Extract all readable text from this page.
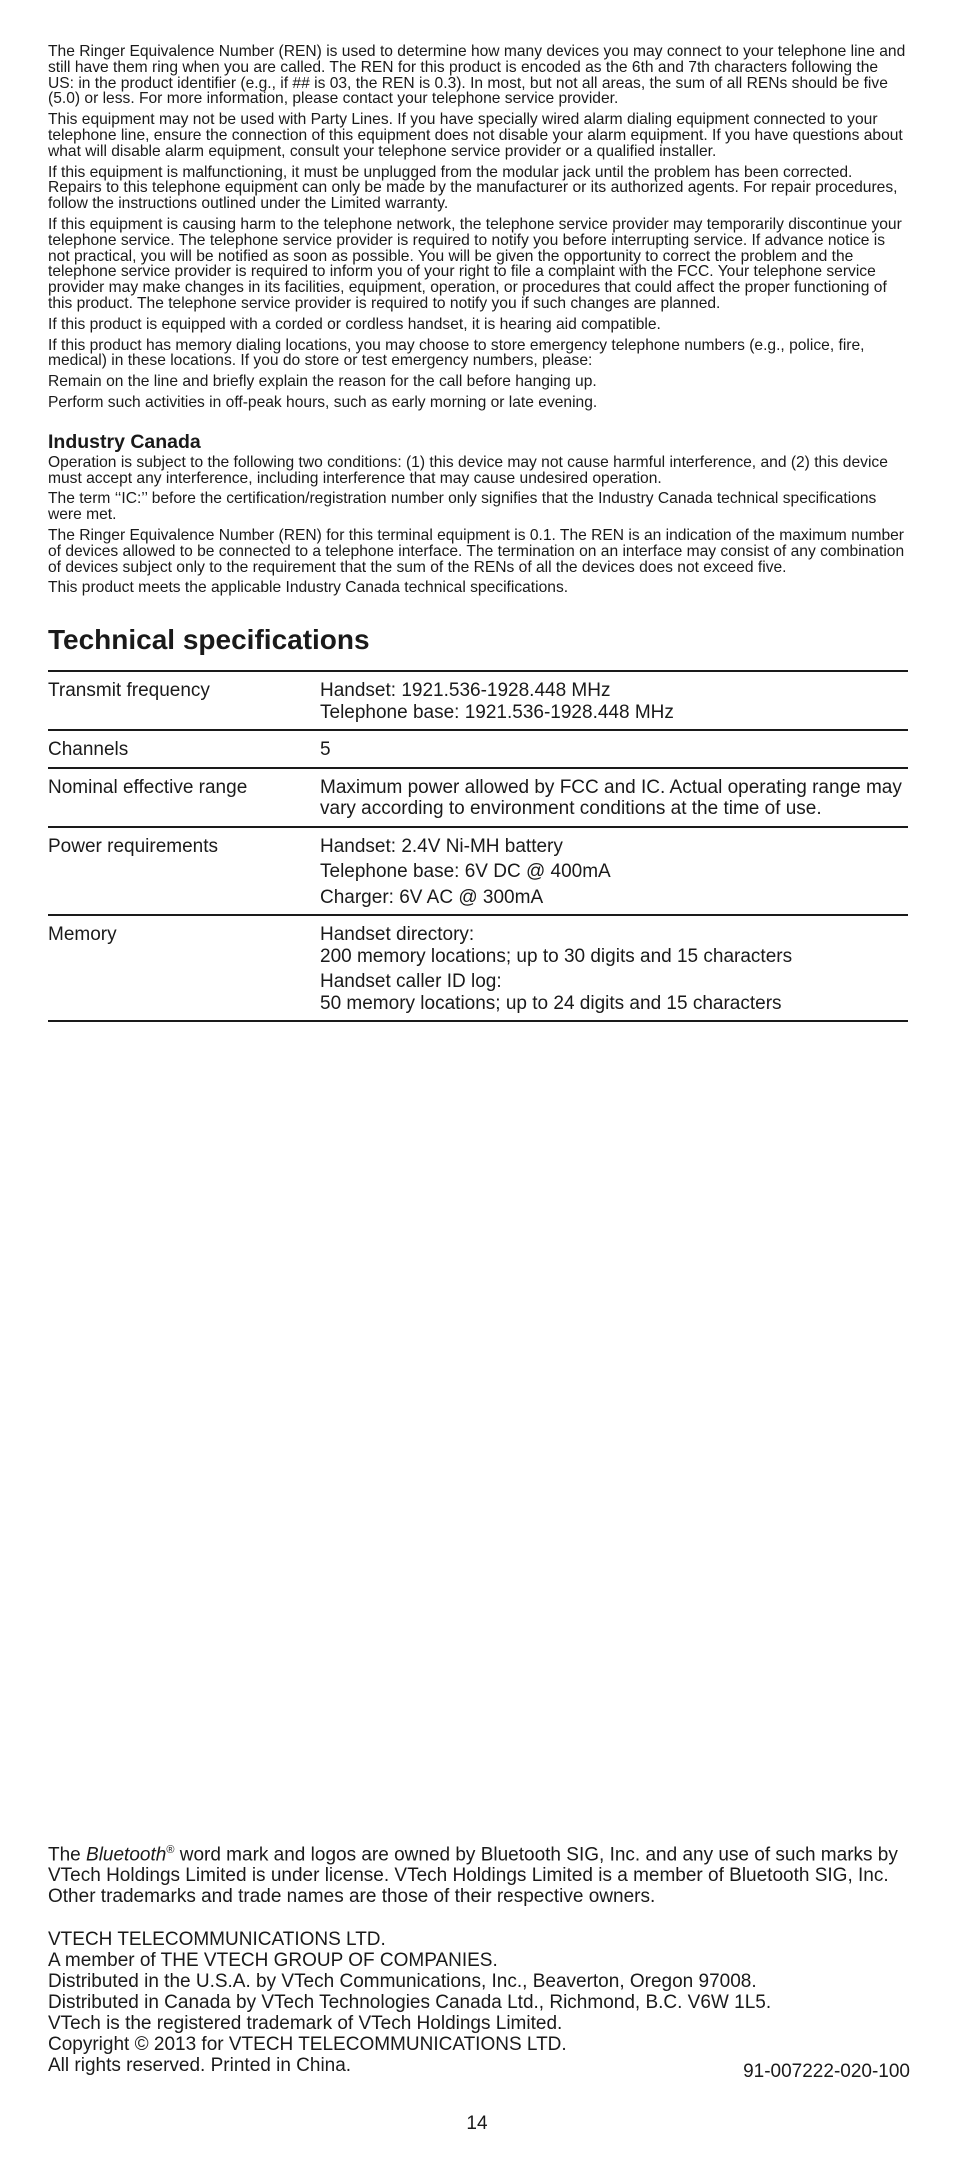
The Ringer Equivalence Number (REN) is used to determine how many devices you may connect to your telephone line and still have them ring when you are called. The REN for this product is encoded as the 6th and 7th characters following the US: in the product identifier (e.g., if ## is 03, the REN is 0.3). In most, but not all areas, the sum of all RENs should be five (5.0) or less. For more information, please contact your telephone service provider.

This equipment may not be used with Party Lines. If you have specially wired alarm dialing equipment connected to your telephone line, ensure the connection of this equipment does not disable your alarm equipment. If you have questions about what will disable alarm equipment, consult your telephone service provider or a qualified installer.

If this equipment is malfunctioning, it must be unplugged from the modular jack until the problem has been corrected. Repairs to this telephone equipment can only be made by the manufacturer or its authorized agents. For repair procedures, follow the instructions outlined under the Limited warranty.

If this equipment is causing harm to the telephone network, the telephone service provider may temporarily discontinue your telephone service. The telephone service provider is required to notify you before interrupting service. If advance notice is not practical, you will be notified as soon as possible. You will be given the opportunity to correct the problem and the telephone service provider is required to inform you of your right to file a complaint with the FCC. Your telephone service provider may make changes in its facilities, equipment, operation, or procedures that could affect the proper functioning of this product. The telephone service provider is required to notify you if such changes are planned.

If this product is equipped with a corded or cordless handset, it is hearing aid compatible.

If this product has memory dialing locations, you may choose to store emergency telephone numbers (e.g., police, fire, medical) in these locations. If you do store or test emergency numbers, please:

Remain on the line and briefly explain the reason for the call before hanging up.

Perform such activities in off-peak hours, such as early morning or late evening.

Industry Canada

Operation is subject to the following two conditions: (1) this device may not cause harmful interference, and (2) this device must accept any interference, including interference that may cause undesired operation.

The term ‘‘IC:’’ before the certification/registration number only signifies that the Industry Canada technical specifications were met.

The Ringer Equivalence Number (REN) for this terminal equipment is 0.1. The REN is an indication of the maximum number of devices allowed to be connected to a telephone interface. The termination on an interface may consist of any combination of devices subject only to the requirement that the sum of the RENs of all the devices does not exceed five.

This product meets the applicable Industry Canada technical specifications.

Technical specifications
Transmit frequency	Handset: 1921.536-1928.448 MHz
Telephone base: 1921.536-1928.448 MHz

Channels	5

Nominal effective range	Maximum power allowed by FCC and IC. Actual operating range may vary according to environment conditions at the time of use.

Power requirements	Handset: 2.4V Ni-MH battery
Telephone base: 6V DC @ 400mA
Charger: 6V AC @ 300mA

Memory	Handset directory:
200 memory locations; up to 30 digits and 15 characters
Handset caller ID log:
50 memory locations; up to 24 digits and 15 characters

The Bluetooth® word mark and logos are owned by Bluetooth SIG, Inc. and any use of such marks by VTech Holdings Limited is under license. VTech Holdings Limited is a member of Bluetooth SIG, Inc. Other trademarks and trade names are those of their respective owners.

VTECH TELECOMMUNICATIONS LTD.
A member of THE VTECH GROUP OF COMPANIES.
Distributed in the U.S.A. by VTech Communications, Inc., Beaverton, Oregon 97008.
Distributed in Canada by VTech Technologies Canada Ltd., Richmond, B.C. V6W 1L5.
VTech is the registered trademark of VTech Holdings Limited.
Copyright © 2013 for VTECH TELECOMMUNICATIONS LTD.
All rights reserved. Printed in China.	91-007222-020-100
14
